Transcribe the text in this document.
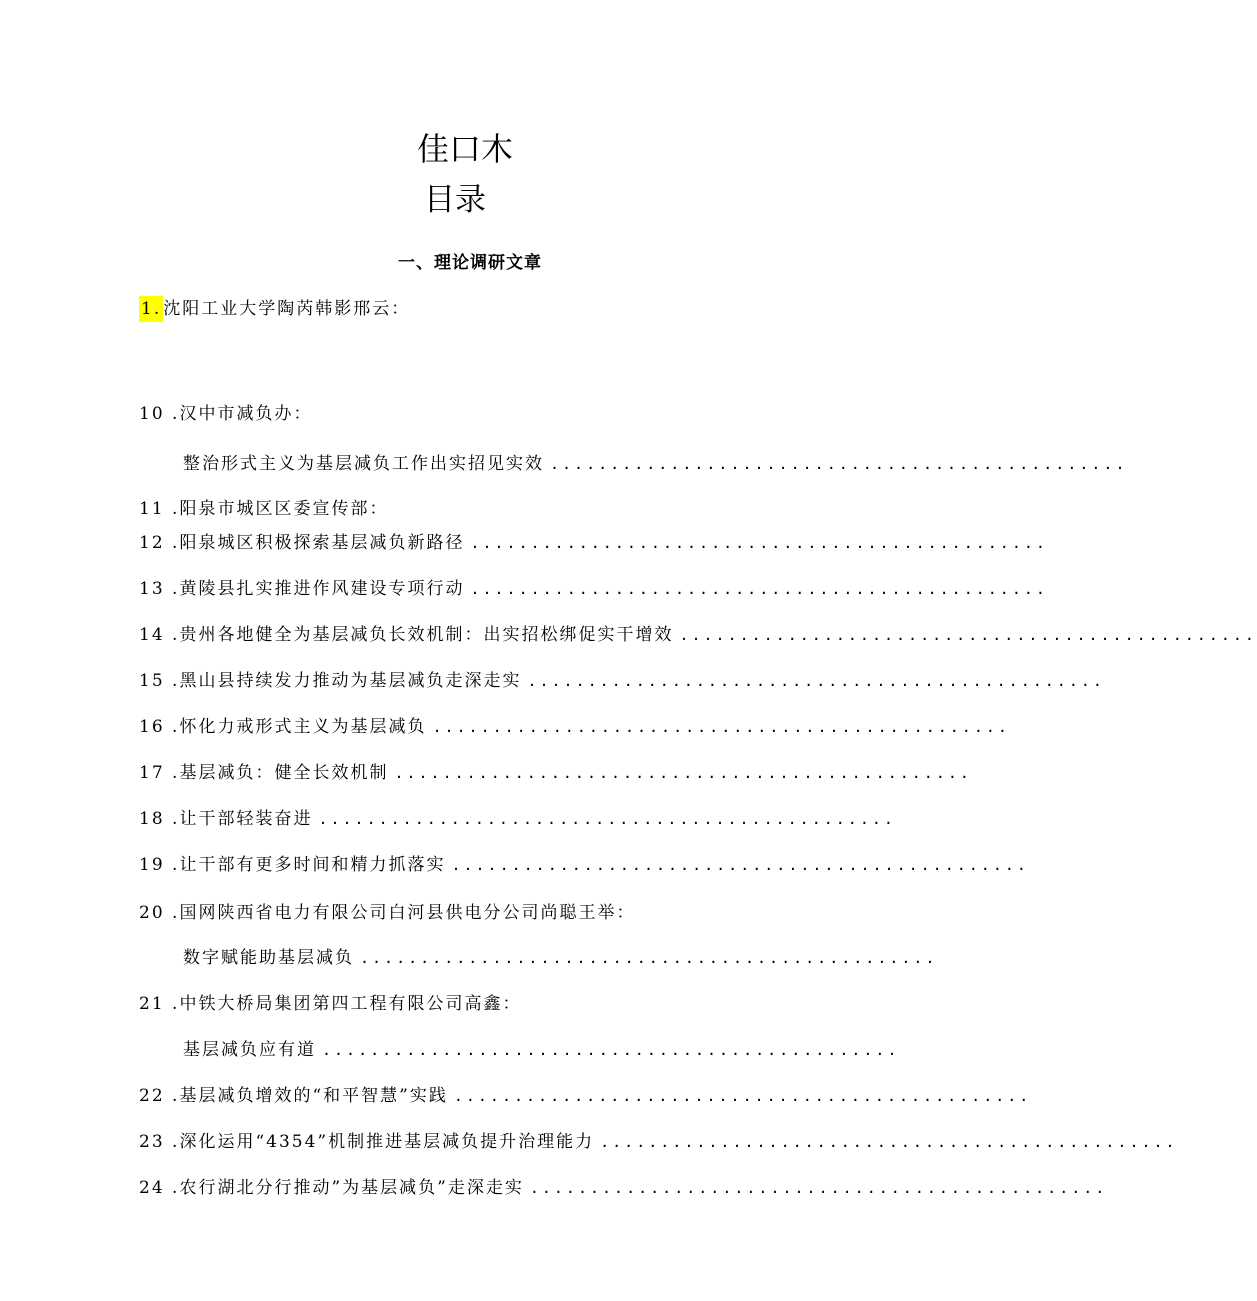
佳口木
目录
一、理论调研文章
1. 沈阳工业大学陶芮韩影邢云：
10 . 汉中市减负办：
整治形式主义为基层减负工作出实招见实效 ................................................
11 . 阳泉市城区区委宣传部：
12 . 阳泉城区积极探索基层减负新路径 ................................................
13 . 黄陵县扎实推进作风建设专项行动 ................................................
14 . 贵州各地健全为基层减负长效机制：出实招松绑促实干增效 ................................................
15 . 黑山县持续发力推动为基层减负走深走实 ................................................
16 . 怀化力戒形式主义为基层减负 ................................................
17 . 基层减负：健全长效机制 ................................................
18 . 让干部轻装奋进 ................................................
19 . 让干部有更多时间和精力抓落实 ................................................
20 . 国网陕西省电力有限公司白河县供电分公司尚聪王举：
数字赋能助基层减负 ................................................
21 . 中铁大桥局集团第四工程有限公司高鑫：
基层减负应有道 ................................................
22 . 基层减负增效的“和平智慧”实践 ................................................
23 . 深化运用“4354”机制推进基层减负提升治理能力 ................................................
24 . 农行湖北分行推动”为基层减负”走深走实 ................................................
